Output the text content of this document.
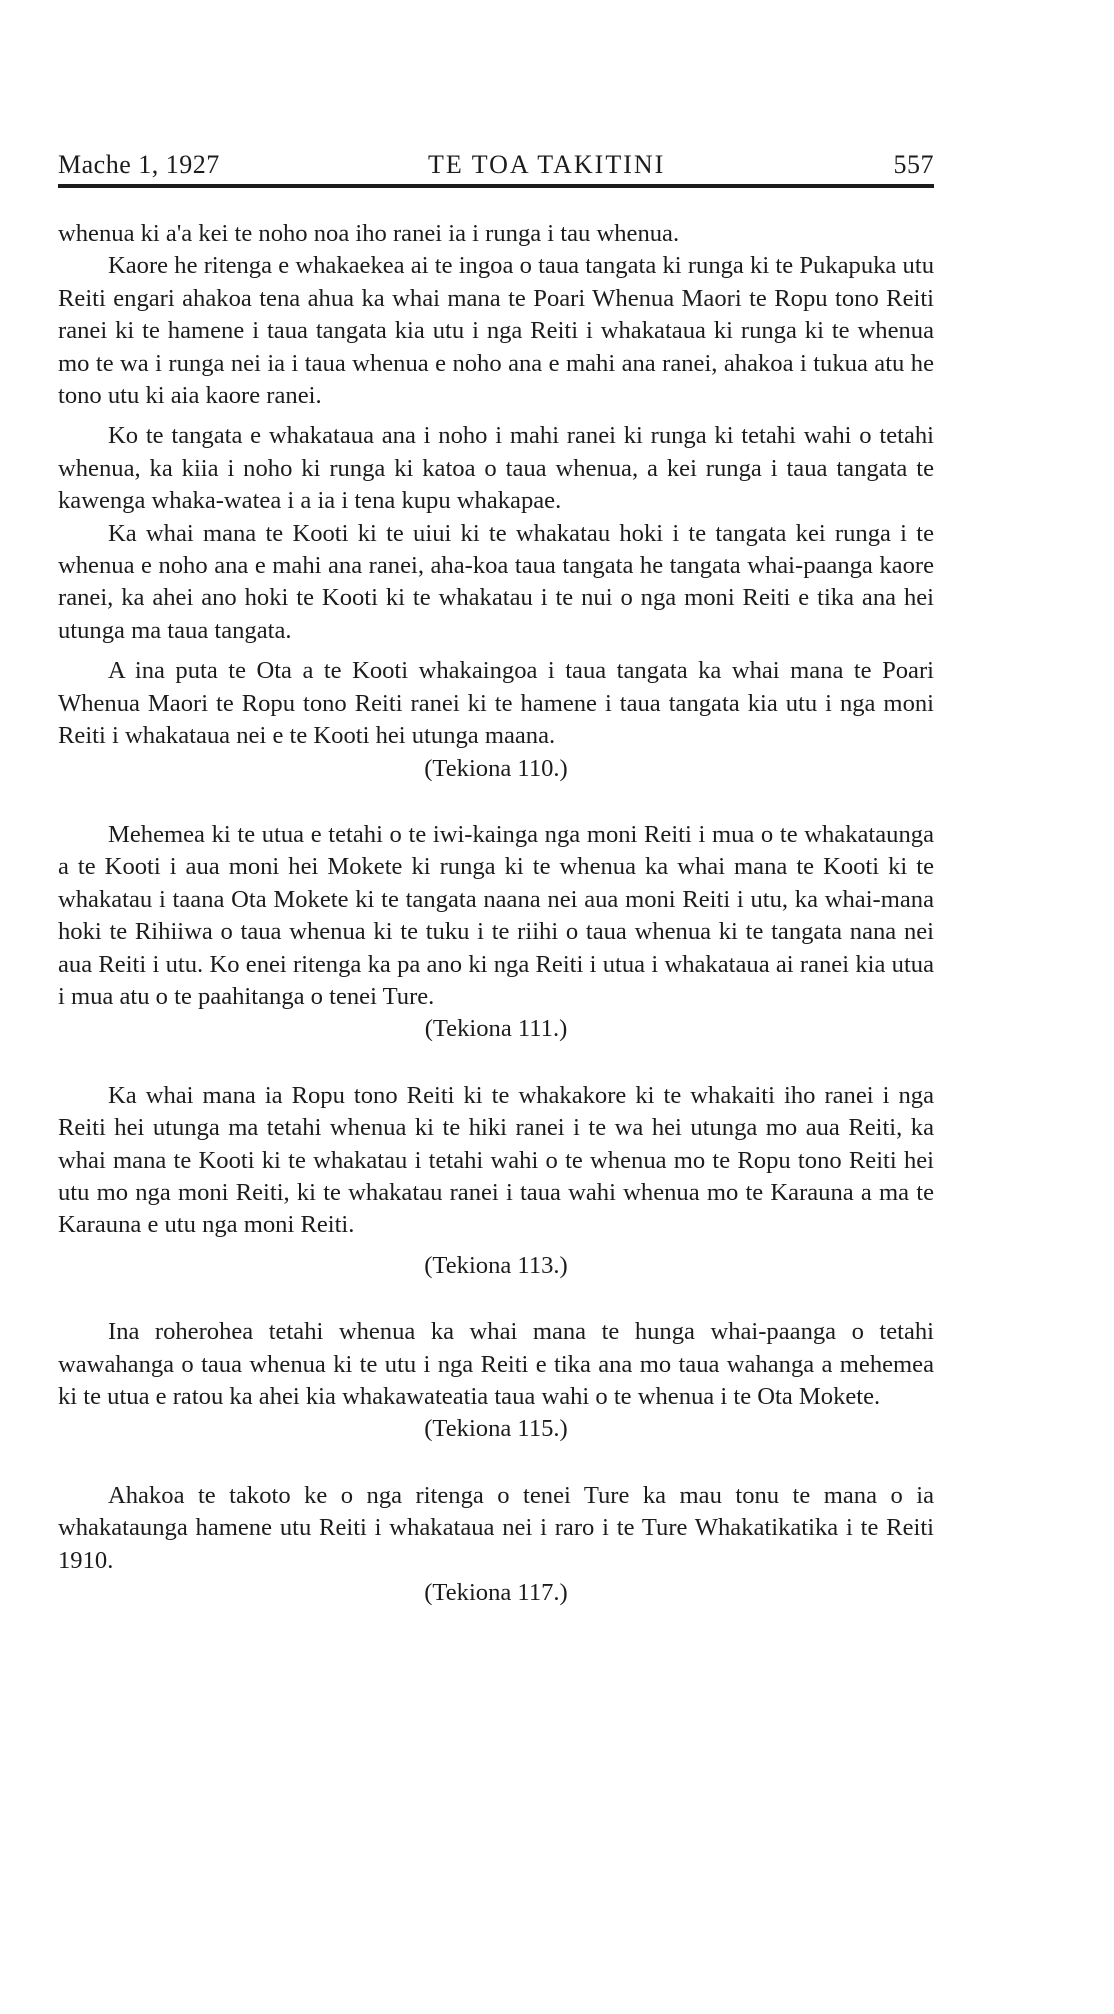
Mache 1, 1927	TE TOA TAKITINI	557

whenua ki a'a kei te noho noa iho ranei ia i runga i tau whenua.

Kaore he ritenga e whakaekea ai te ingoa o taua tangata ki runga ki te Pukapuka utu Reiti engari ahakoa tena ahua ka whai mana te Poari Whenua Maori te Ropu tono Reiti ranei ki te hamene i taua tangata kia utu i nga Reiti i whakataua ki runga ki te whenua mo te wa i runga nei ia i taua whenua e noho ana e mahi ana ranei, ahakoa i tukua atu he tono utu ki aia kaore ranei.

Ko te tangata e whakataua ana i noho i mahi ranei ki runga ki tetahi wahi o tetahi whenua, ka kiia i noho ki runga ki katoa o taua whenua, a kei runga i taua tangata te kawenga whaka-watea i a ia i tena kupu whakapae.

Ka whai mana te Kooti ki te uiui ki te whakatau hoki i te tangata kei runga i te whenua e noho ana e mahi ana ranei, aha-koa taua tangata he tangata whai-paanga kaore ranei, ka ahei ano hoki te Kooti ki te whakatau i te nui o nga moni Reiti e tika ana hei utunga ma taua tangata.

A ina puta te Ota a te Kooti whakaingoa i taua tangata ka whai mana te Poari Whenua Maori te Ropu tono Reiti ranei ki te hamene i taua tangata kia utu i nga moni Reiti i whakataua nei e te Kooti hei utunga maana.

(Tekiona 110.)

Mehemea ki te utua e tetahi o te iwi-kainga nga moni Reiti i mua o te whakataunga a te Kooti i aua moni hei Mokete ki runga ki te whenua ka whai mana te Kooti ki te whakatau i taana Ota Mokete ki te tangata naana nei aua moni Reiti i utu, ka whai-mana hoki te Rihiiwa o taua whenua ki te tuku i te riihi o taua whenua ki te tangata nana nei aua Reiti i utu. Ko enei ritenga ka pa ano ki nga Reiti i utua i whakataua ai ranei kia utua i mua atu o te paahitanga o tenei Ture.

(Tekiona 111.)

Ka whai mana ia Ropu tono Reiti ki te whakakore ki te whakaiti iho ranei i nga Reiti hei utunga ma tetahi whenua ki te hiki ranei i te wa hei utunga mo aua Reiti, ka whai mana te Kooti ki te whakatau i tetahi wahi o te whenua mo te Ropu tono Reiti hei utu mo nga moni Reiti, ki te whakatau ranei i taua wahi whenua mo te Karauna a ma te Karauna e utu nga moni Reiti.

(Tekiona 113.)

Ina roherohea tetahi whenua ka whai mana te hunga whai-paanga o tetahi wawahanga o taua whenua ki te utu i nga Reiti e tika ana mo taua wahanga a mehemea ki te utua e ratou ka ahei kia whakawateatia taua wahi o te whenua i te Ota Mokete.

(Tekiona 115.)

Ahakoa te takoto ke o nga ritenga o tenei Ture ka mau tonu te mana o ia whakataunga hamene utu Reiti i whakataua nei i raro i te Ture Whakatikatika i te Reiti 1910.

(Tekiona 117.)
